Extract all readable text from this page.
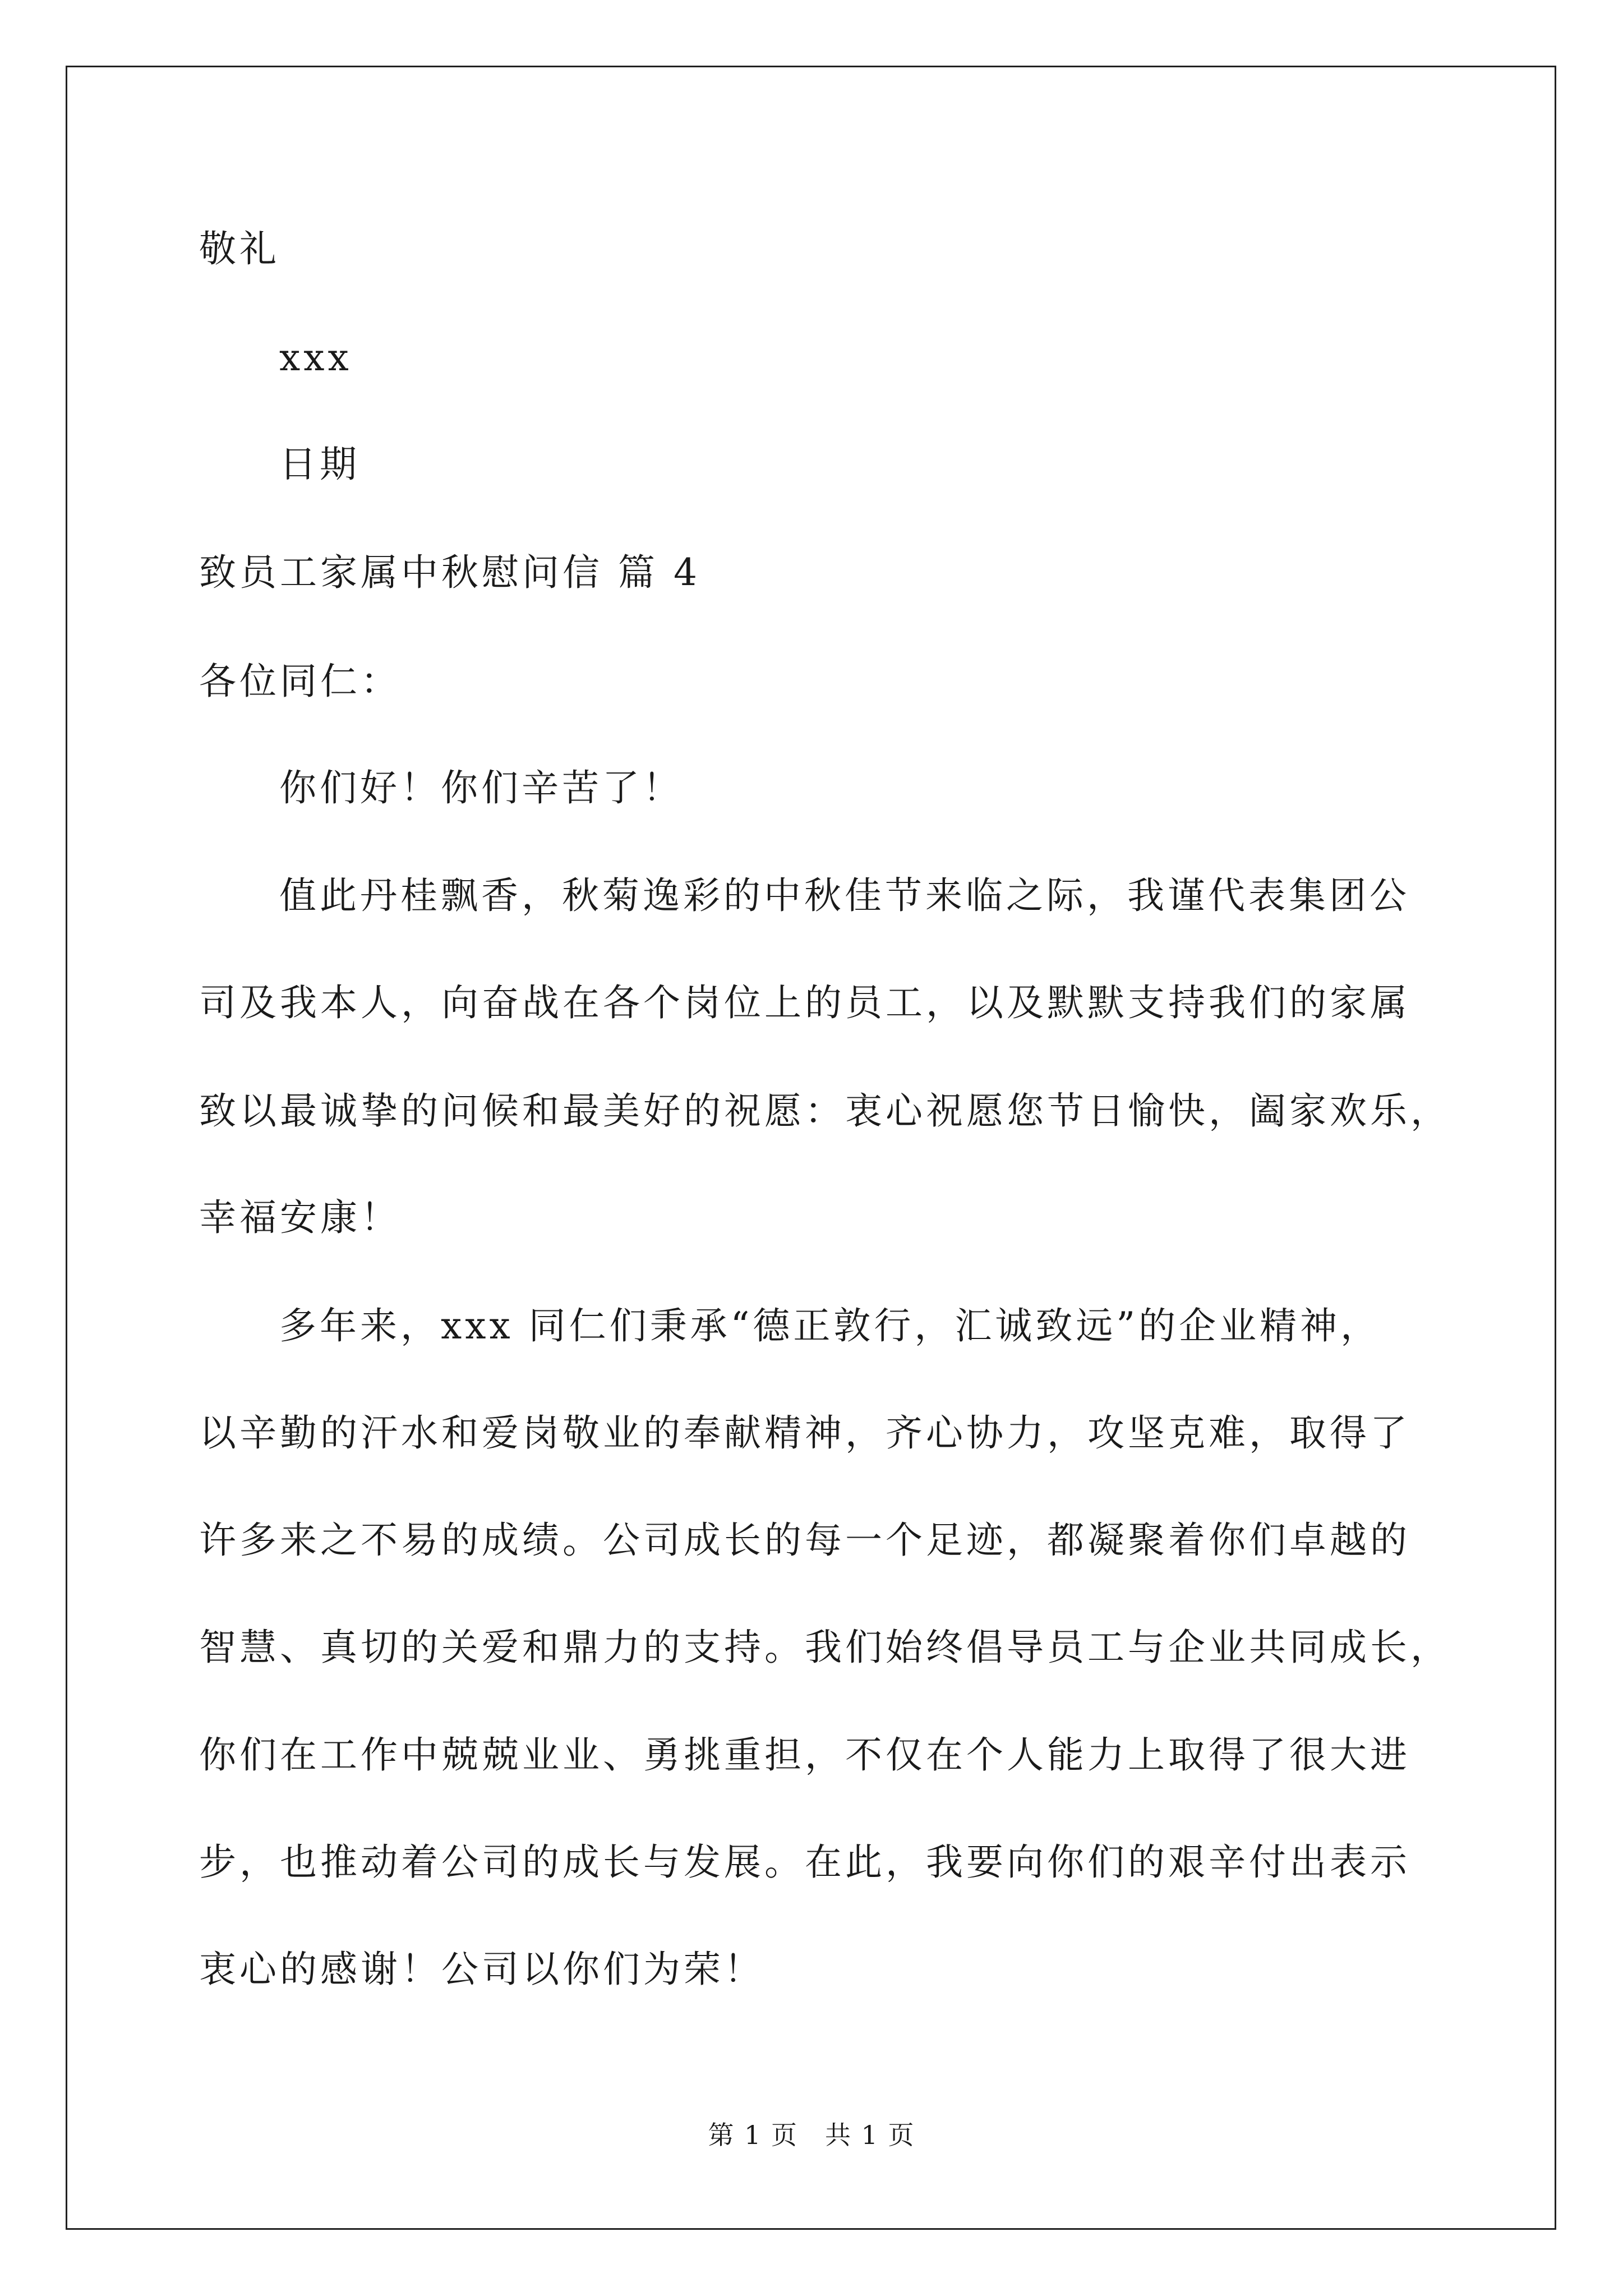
敬礼
xxx
日期
致员工家属中秋慰问信 篇 4
各位同仁：
你们好！你们辛苦了！
值此丹桂飘香，秋菊逸彩的中秋佳节来临之际，我谨代表集团公
司及我本人，向奋战在各个岗位上的员工，以及默默支持我们的家属
致以最诚挚的问候和最美好的祝愿：衷心祝愿您节日愉快，阖家欢乐，
幸福安康！
多年来，xxx 同仁们秉承“德正敦行，汇诚致远”的企业精神，
以辛勤的汗水和爱岗敬业的奉献精神，齐心协力，攻坚克难，取得了
许多来之不易的成绩。公司成长的每一个足迹，都凝聚着你们卓越的
智慧、真切的关爱和鼎力的支持。我们始终倡导员工与企业共同成长，
你们在工作中兢兢业业、勇挑重担，不仅在个人能力上取得了很大进
步，也推动着公司的成长与发展。在此，我要向你们的艰辛付出表示
衷心的感谢！公司以你们为荣！
第 1 页　共 1 页
